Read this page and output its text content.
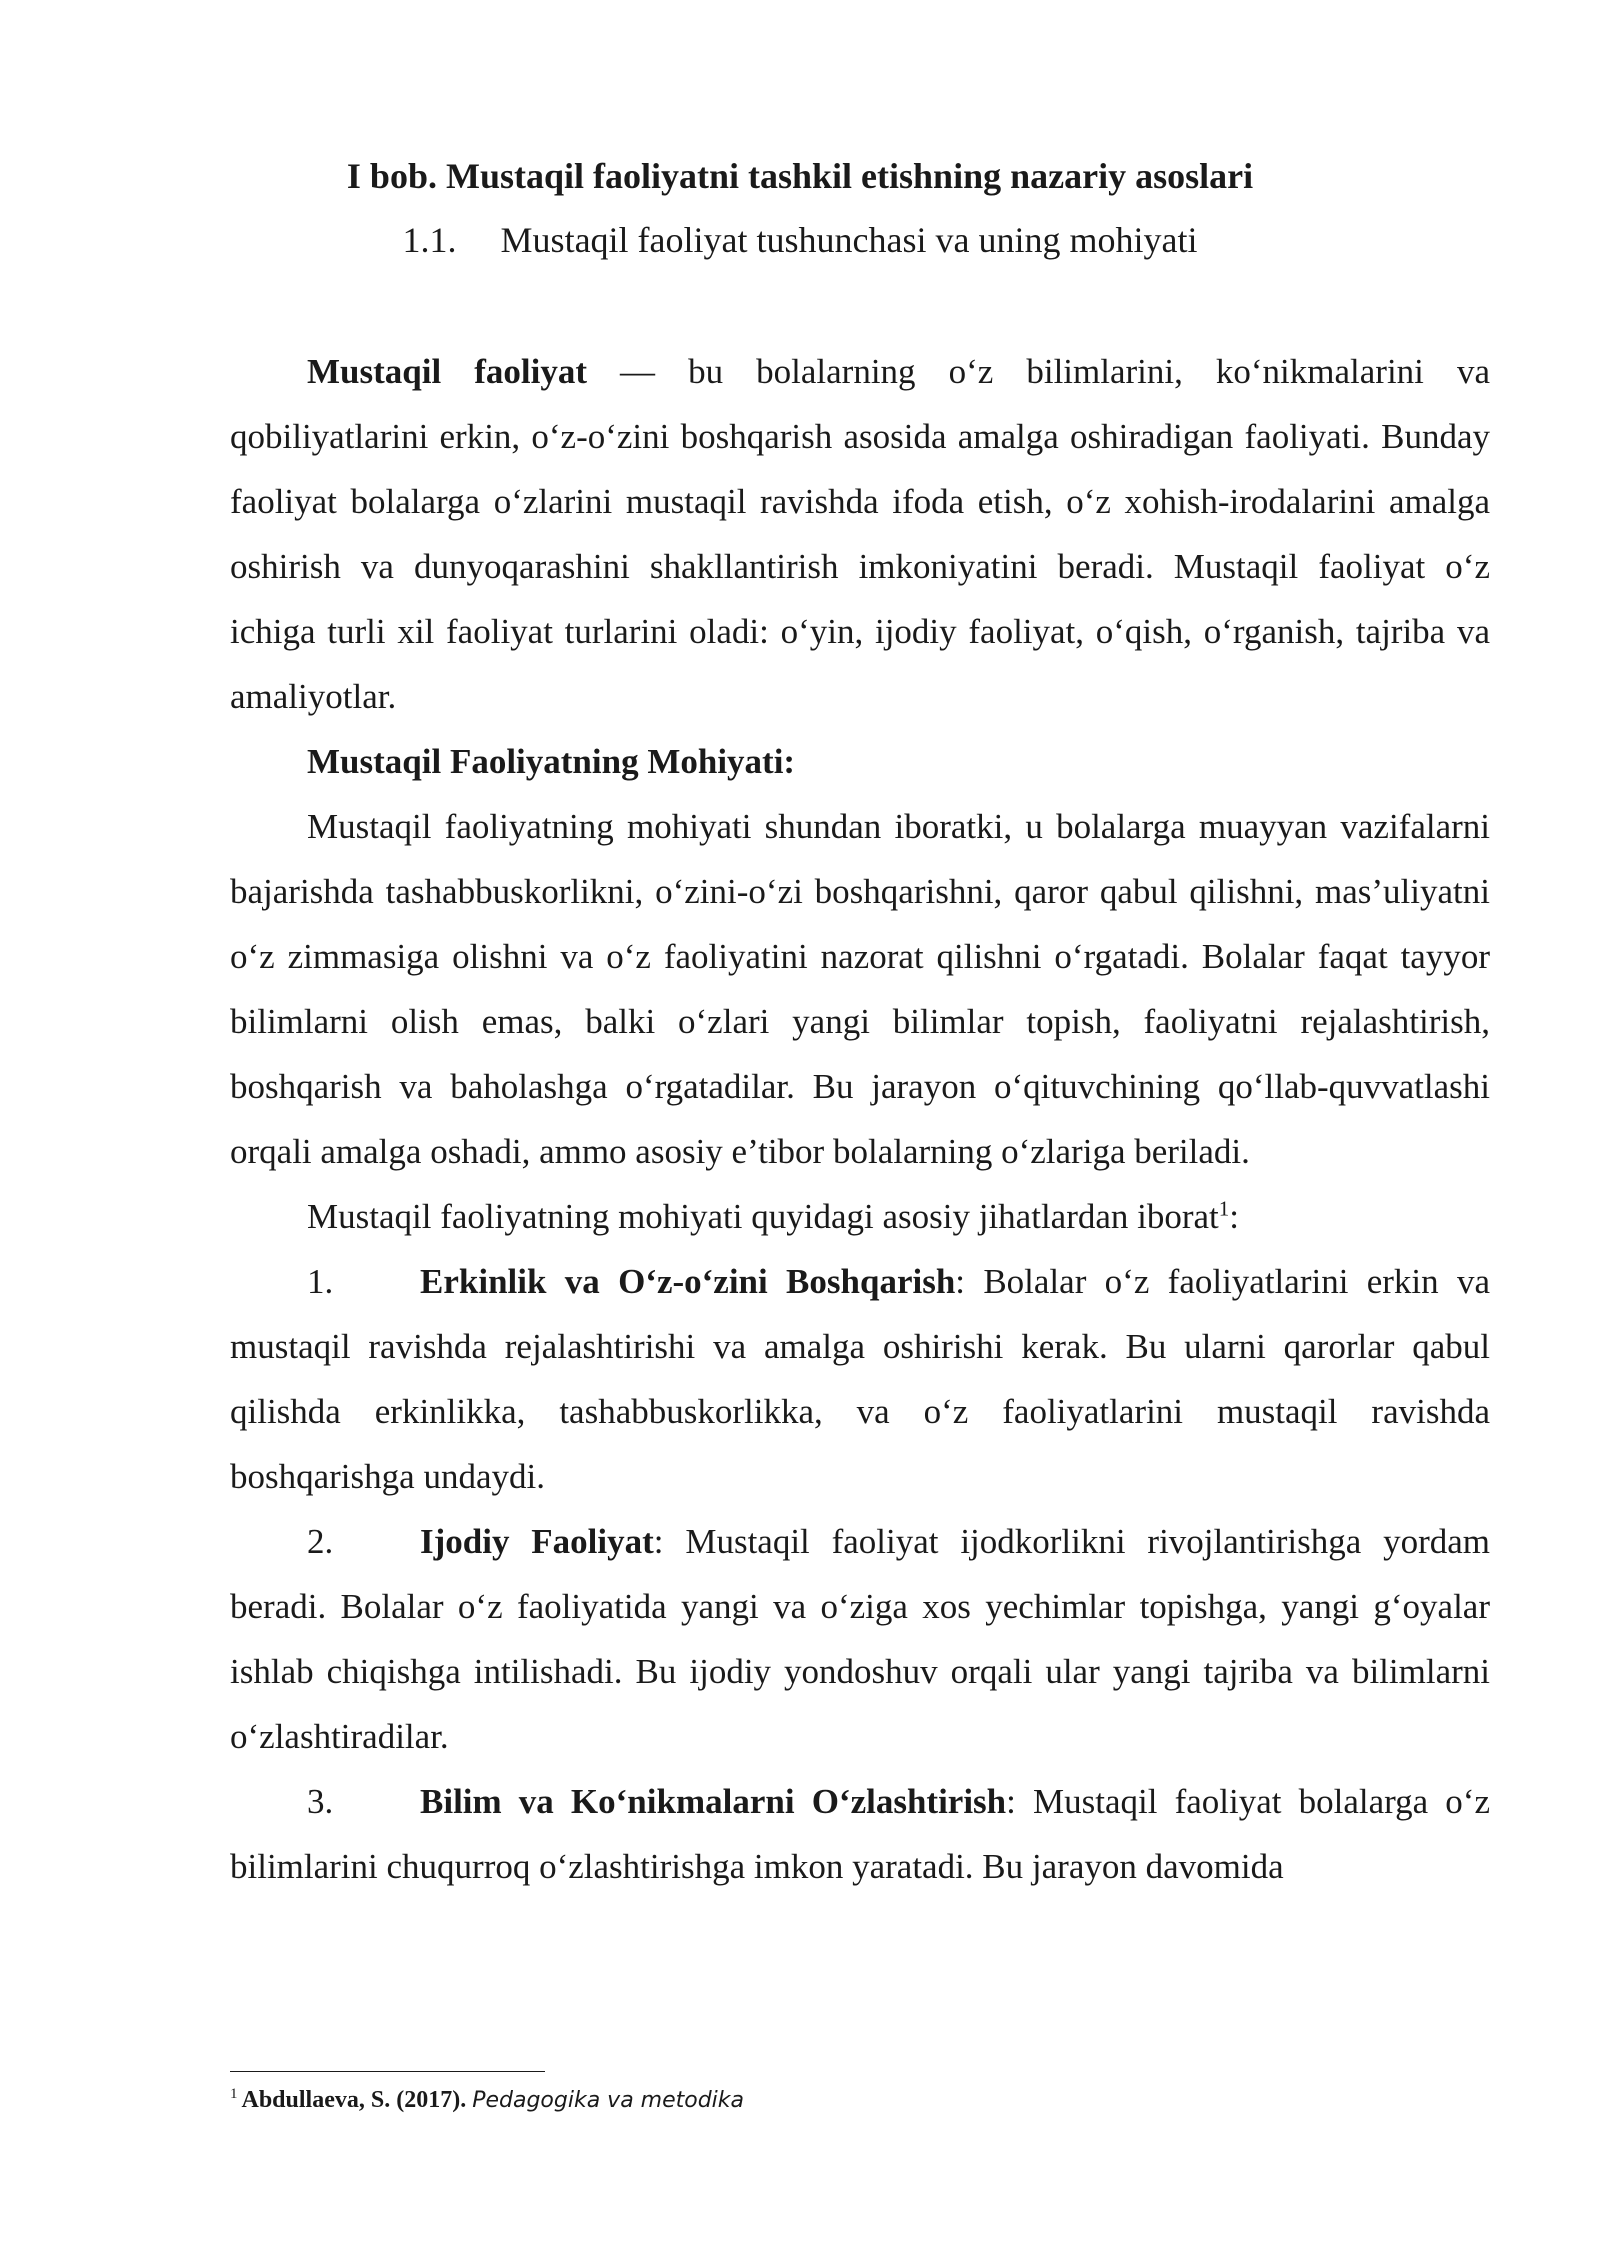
I bob. Mustaqil faoliyatni tashkil etishning nazariy asoslari
1.1. Mustaqil faoliyat tushunchasi va uning mohiyati

Mustaqil faoliyat — bu bolalarning o‘z bilimlarini, ko‘nikmalarini va qobiliyatlarini erkin, o‘z-o‘zini boshqarish asosida amalga oshiradigan faoliyati. Bunday faoliyat bolalarga o‘zlarini mustaqil ravishda ifoda etish, o‘z xohish-irodalarini amalga oshirish va dunyoqarashini shakllantirish imkoniyatini beradi. Mustaqil faoliyat o‘z ichiga turli xil faoliyat turlarini oladi: o‘yin, ijodiy faoliyat, o‘qish, o‘rganish, tajriba va amaliyotlar.

Mustaqil Faoliyatning Mohiyati:

Mustaqil faoliyatning mohiyati shundan iboratki, u bolalarga muayyan vazifalarni bajarishda tashabbuskorlikni, o‘zini-o‘zi boshqarishni, qaror qabul qilishni, mas’uliyatni o‘z zimmasiga olishni va o‘z faoliyatini nazorat qilishni o‘rgatadi. Bolalar faqat tayyor bilimlarni olish emas, balki o‘zlari yangi bilimlar topish, faoliyatni rejalashtirish, boshqarish va baholashga o‘rgatadilar. Bu jarayon o‘qituvchining qo‘llab-quvvatlashi orqali amalga oshadi, ammo asosiy e’tibor bolalarning o‘zlariga beriladi.

Mustaqil faoliyatning mohiyati quyidagi asosiy jihatlardan iborat$^1$:

1. Erkinlik va O‘z-o‘zini Boshqarish: Bolalar o‘z faoliyatlarini erkin va mustaqil ravishda rejalashtirishi va amalga oshirishi kerak. Bu ularni qarorlar qabul qilishda erkinlikka, tashabbuskorlikka, va o‘z faoliyatlarini mustaqil ravishda boshqarishga undaydi.

2. Ijodiy Faoliyat: Mustaqil faoliyat ijodkorlikni rivojlantirishga yordam beradi. Bolalar o‘z faoliyatida yangi va o‘ziga xos yechimlar topishga, yangi g‘oyalar ishlab chiqishga intilishadi. Bu ijodiy yondoshuv orqali ular yangi tajriba va bilimlarni o‘zlashtiradilar.

3. Bilim va Ko‘nikmalarni O‘zlashtirish: Mustaqil faoliyat bolalarga o‘z bilimlarini chuqurroq o‘zlashtirishga imkon yaratadi. Bu jarayon davomida

$^1$ Abdullaeva, S. (2017). Pedagogika va metodika
